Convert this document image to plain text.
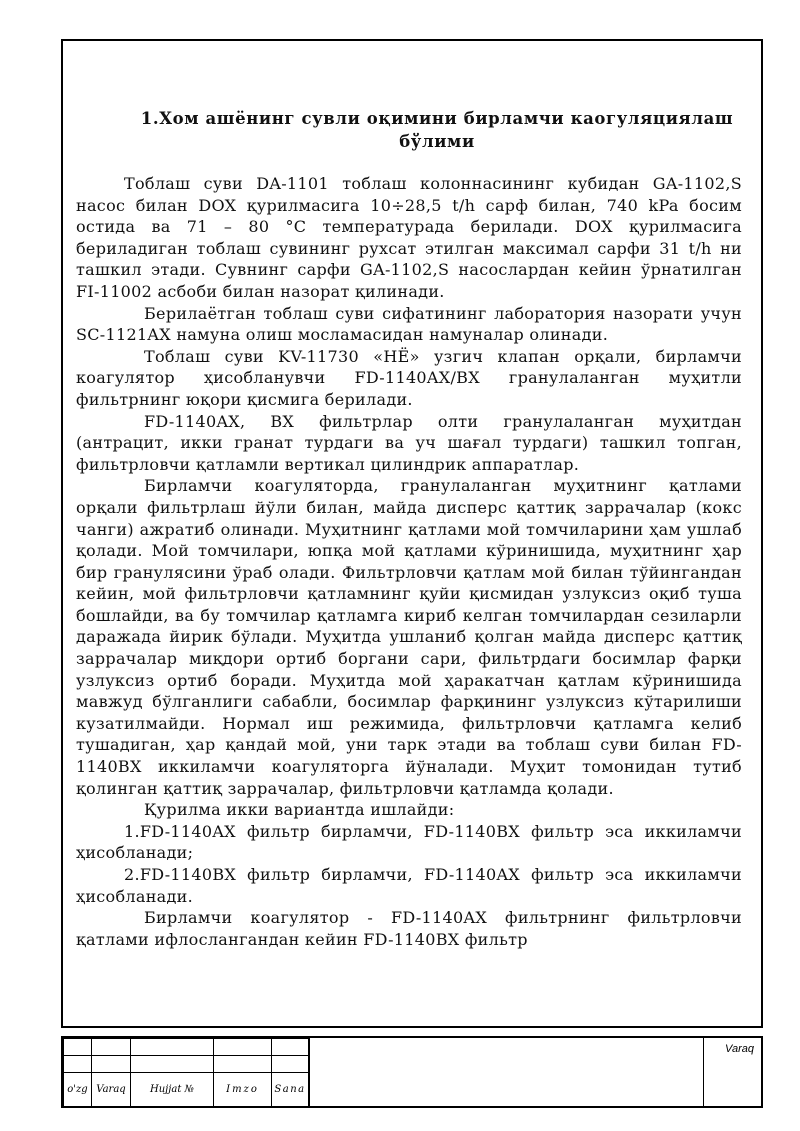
1.Хом ашёнинг сувли оқимини бирламчи каогуляциялаш бўлими

Тоблаш суви DA-1101 тоблаш колоннасининг кубидан GA-1102,S насос билан DOX қурилмасига 10÷28,5 t/h сарф билан, 740 kPa босим остида ва 71 – 80 °C температурада берилади. DOX қурилмасига бериладиган тоблаш сувининг рухсат этилган максимал сарфи 31 t/h ни ташкил этади. Сувнинг сарфи GA-1102,S насослардан кейин ўрнатилган FI-11002 асбоби билан назорат қилинади.

Берилаётган тоблаш суви сифатининг лаборатория назорати учун SC-1121AX намуна олиш мосламасидан намуналар олинади.

Тоблаш суви KV-11730 «НЁ» узгич клапан орқали, бирламчи коагулятор ҳисобланувчи FD-1140AX/BX гранулаланган муҳитли фильтрнинг юқори қисмига берилади.

FD-1140AX, BX фильтрлар олти гранулаланган муҳитдан (антрацит, икки гранат турдаги ва уч шағал турдаги) ташкил топган, фильтрловчи қатламли вертикал цилиндрик аппаратлар.

Бирламчи коагуляторда, гранулаланган муҳитнинг қатлами орқали фильтрлаш йўли билан, майда дисперс қаттиқ заррачалар (кокс чанги) ажратиб олинади. Муҳитнинг қатлами мой томчиларини ҳам ушлаб қолади. Мой томчилари, юпқа мой қатлами кўринишида, муҳитнинг ҳар бир гранулясини ўраб олади. Фильтрловчи қатлам мой билан тўйингандан кейин, мой фильтрловчи қатламнинг қуйи қисмидан узлуксиз оқиб туша бошлайди, ва бу томчилар қатламга кириб келган томчилардан сезиларли даражада йирик бўлади. Муҳитда ушланиб қолган майда дисперс қаттиқ заррачалар миқдори ортиб боргани сари, фильтрдаги босимлар фарқи узлуксиз ортиб боради. Муҳитда мой ҳаракатчан қатлам кўринишида мавжуд бўлганлиги сабабли, босимлар фарқининг узлуксиз кўтарилиши кузатилмайди. Нормал иш режимида, фильтрловчи қатламга келиб тушадиган, ҳар қандай мой, уни тарк этади ва тоблаш суви билан FD-1140BX иккиламчи коагуляторга йўналади. Муҳит томонидан тутиб қолинган қаттиқ заррачалар, фильтрловчи қатламда қолади.

Қурилма икки вариантда ишлайди:

1.FD-1140AX фильтр бирламчи, FD-1140BX фильтр эса иккиламчи ҳисобланади;

2.FD-1140BX фильтр бирламчи, FD-1140AX фильтр эса иккиламчи ҳисобланади.

Бирламчи коагулятор - FD-1140AX фильтрнинг фильтрловчи қатлами ифлослангандан кейин FD-1140BX фильтр

o'zg	Varaq	Hujjat №	Imzo	Sana
Varaq
